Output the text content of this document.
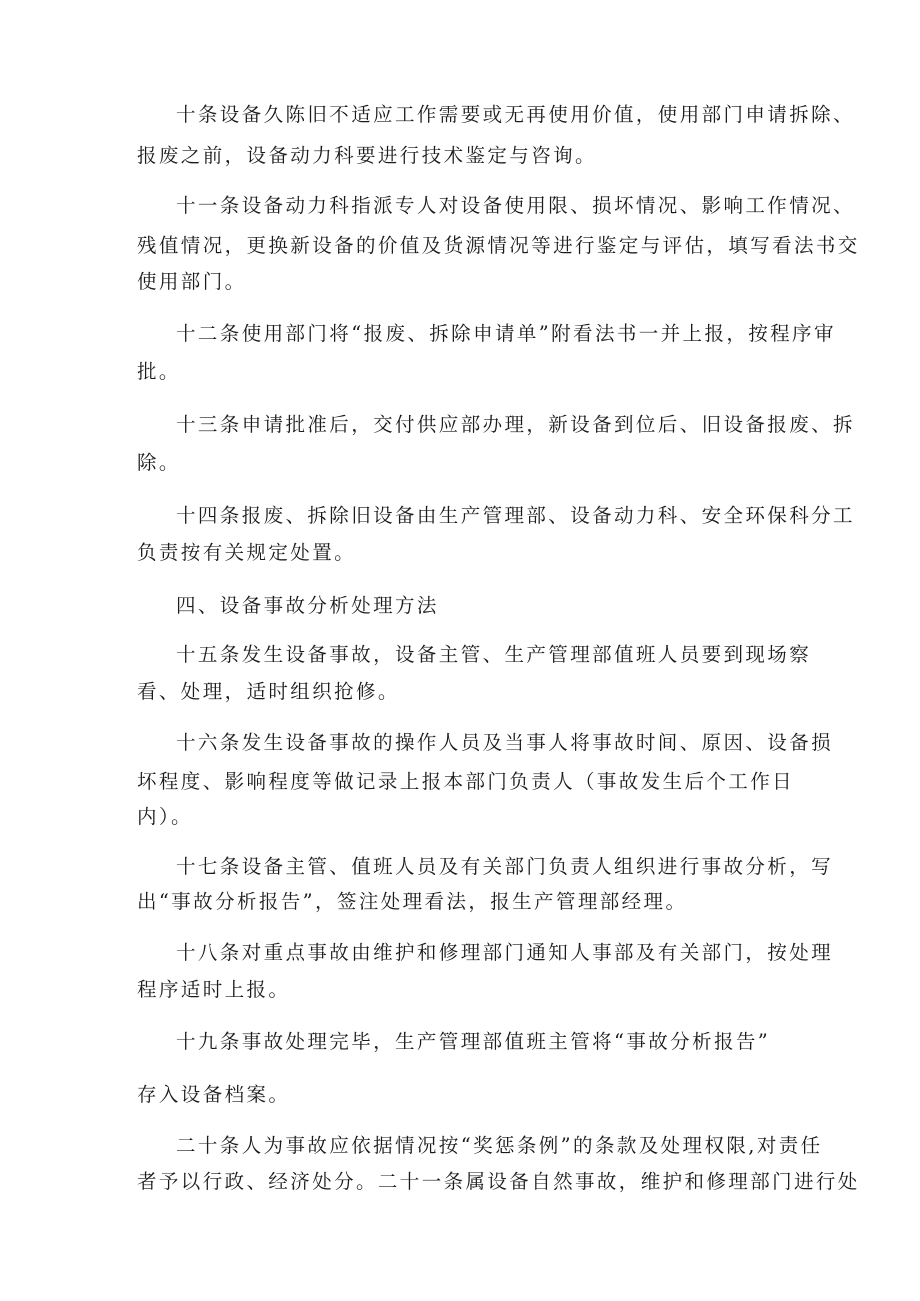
十条设备久陈旧不适应工作需要或无再使用价值，使用部门申请拆除、
报废之前，设备动力科要进行技术鉴定与咨询。
十一条设备动力科指派专人对设备使用限、损坏情况、影响工作情况、
残值情况，更换新设备的价值及货源情况等进行鉴定与评估，填写看法书交
使用部门。
十二条使用部门将“报废、拆除申请单”附看法书一并上报，按程序审
批。
十三条申请批准后，交付供应部办理，新设备到位后、旧设备报废、拆
除。
十四条报废、拆除旧设备由生产管理部、设备动力科、安全环保科分工
负责按有关规定处置。
四、设备事故分析处理方法
十五条发生设备事故，设备主管、生产管理部值班人员要到现场察
看、处理，适时组织抢修。
十六条发生设备事故的操作人员及当事人将事故时间、原因、设备损
坏程度、影响程度等做记录上报本部门负责人（事故发生后个工作日
内）。
十七条设备主管、值班人员及有关部门负责人组织进行事故分析，写
出“事故分析报告”，签注处理看法，报生产管理部经理。
十八条对重点事故由维护和修理部门通知人事部及有关部门，按处理
程序适时上报。
十九条事故处理完毕，生产管理部值班主管将“事故分析报告”
存入设备档案。
二十条人为事故应依据情况按“奖惩条例”的条款及处理权限,对责任
者予以行政、经济处分。二十一条属设备自然事故，维护和修理部门进行处
